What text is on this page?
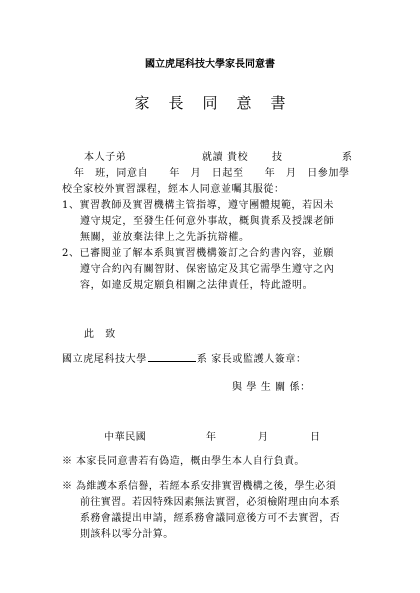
國立虎尾科技大學家長同意書
家長同意書
本人子弟	就讀 貴校 技	系
年　班，同意自　　年　月　日起至　　年　月　日參加學
校全家校外實習課程，經本人同意並囑其服從：
1、實習教師及實習機構主管指導，遵守團體規範，若因未
遵守規定，至發生任何意外事故，概與貴系及授課老師
無關，並放棄法律上之先訴抗辯權。
2、已審閱並了解本系與實習機構簽訂之合約書內容，並願
遵守合約內有關智財、保密協定及其它需學生遵守之內
容，如違反規定願負相關之法律責任，特此證明。
此　致
國立虎尾科技大學	系 家長或監護人簽章：
與 學 生 關 係：
中華民國	年	月	日
※ 本家長同意書若有偽造，概由學生本人自行負責。
※ 為維護本系信譽，若經本系安排實習機構之後，學生必須
前往實習。若因特殊因素無法實習，必須檢附理由向本系
系務會議提出申請，經系務會議同意後方可不去實習，否
則該科以零分計算。
